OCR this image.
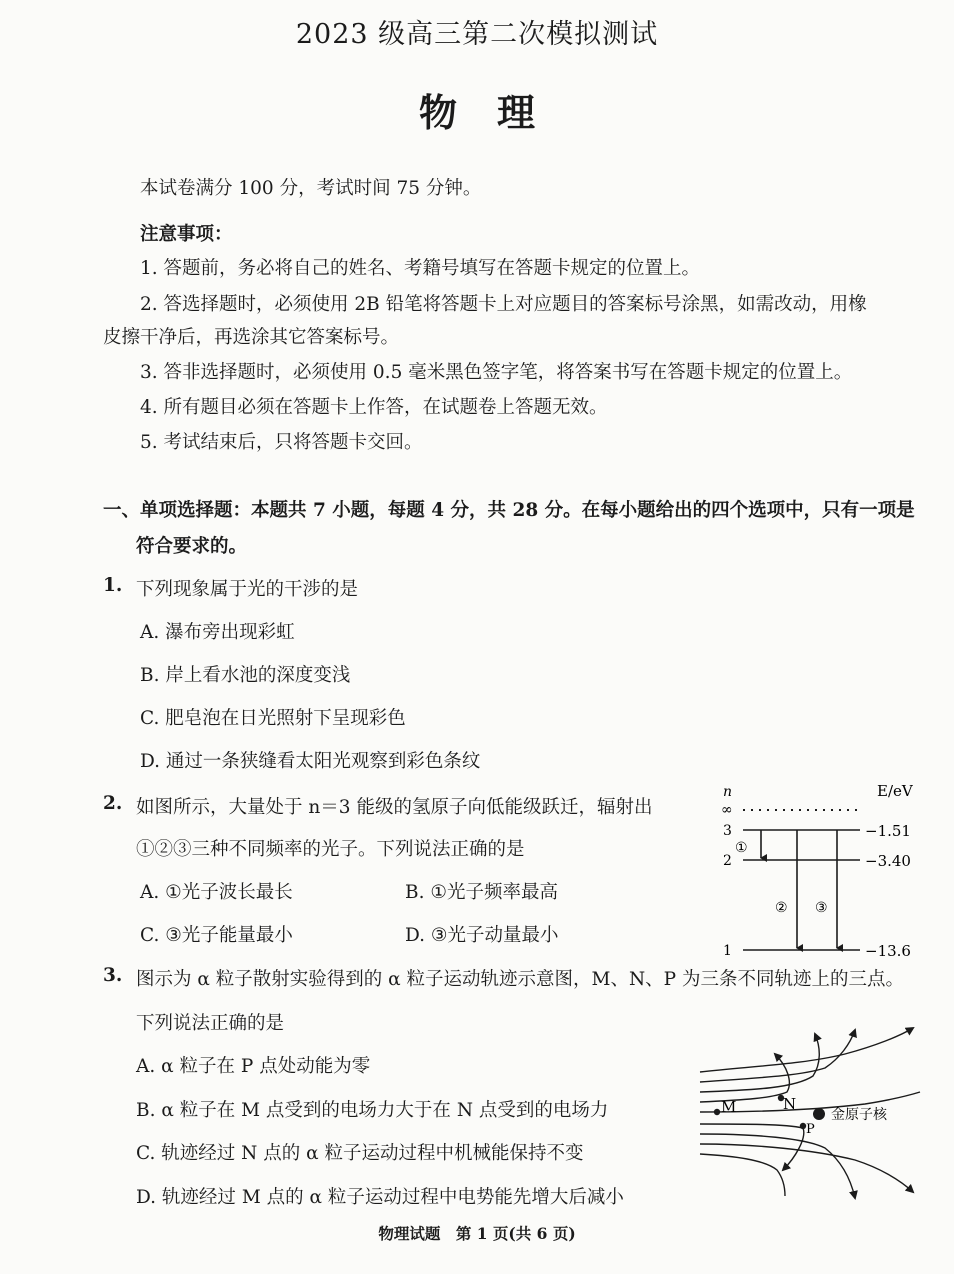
2023 级高三第二次模拟测试
物理
本试卷满分 100 分，考试时间 75 分钟。
注意事项：
1. 答题前，务必将自己的姓名、考籍号填写在答题卡规定的位置上。
2. 答选择题时，必须使用 2B 铅笔将答题卡上对应题目的答案标号涂黑，如需改动，用橡
皮擦干净后，再选涂其它答案标号。
3. 答非选择题时，必须使用 0.5 毫米黑色签字笔，将答案书写在答题卡规定的位置上。
4. 所有题目必须在答题卡上作答，在试题卷上答题无效。
5. 考试结束后，只将答题卡交回。
一、单项选择题：本题共 7 小题，每题 4 分，共 28 分。在每小题给出的四个选项中，只有一项是
符合要求的。
1. 下列现象属于光的干涉的是
A. 瀑布旁出现彩虹
B. 岸上看水池的深度变浅
C. 肥皂泡在日光照射下呈现彩色
D. 通过一条狭缝看太阳光观察到彩色条纹
2. 如图所示，大量处于 n＝3 能级的氢原子向低能级跃迁，辐射出
①②③三种不同频率的光子。下列说法正确的是
A. ①光子波长最长	B. ①光子频率最高
C. ③光子能量最小	D. ③光子动量最小
n	E/eV
∞
3	−1.51
2	−3.40
1	−13.6
①
② ③
3. 图示为 α 粒子散射实验得到的 α 粒子运动轨迹示意图，M、N、P 为三条不同轨迹上的三点。
下列说法正确的是
A. α 粒子在 P 点处动能为零
B. α 粒子在 M 点受到的电场力大于在 N 点受到的电场力
C. 轨迹经过 N 点的 α 粒子运动过程中机械能保持不变
D. 轨迹经过 M 点的 α 粒子运动过程中电势能先增大后减小
M	N
P
金原子核
物理试题　第 1 页(共 6 页)
